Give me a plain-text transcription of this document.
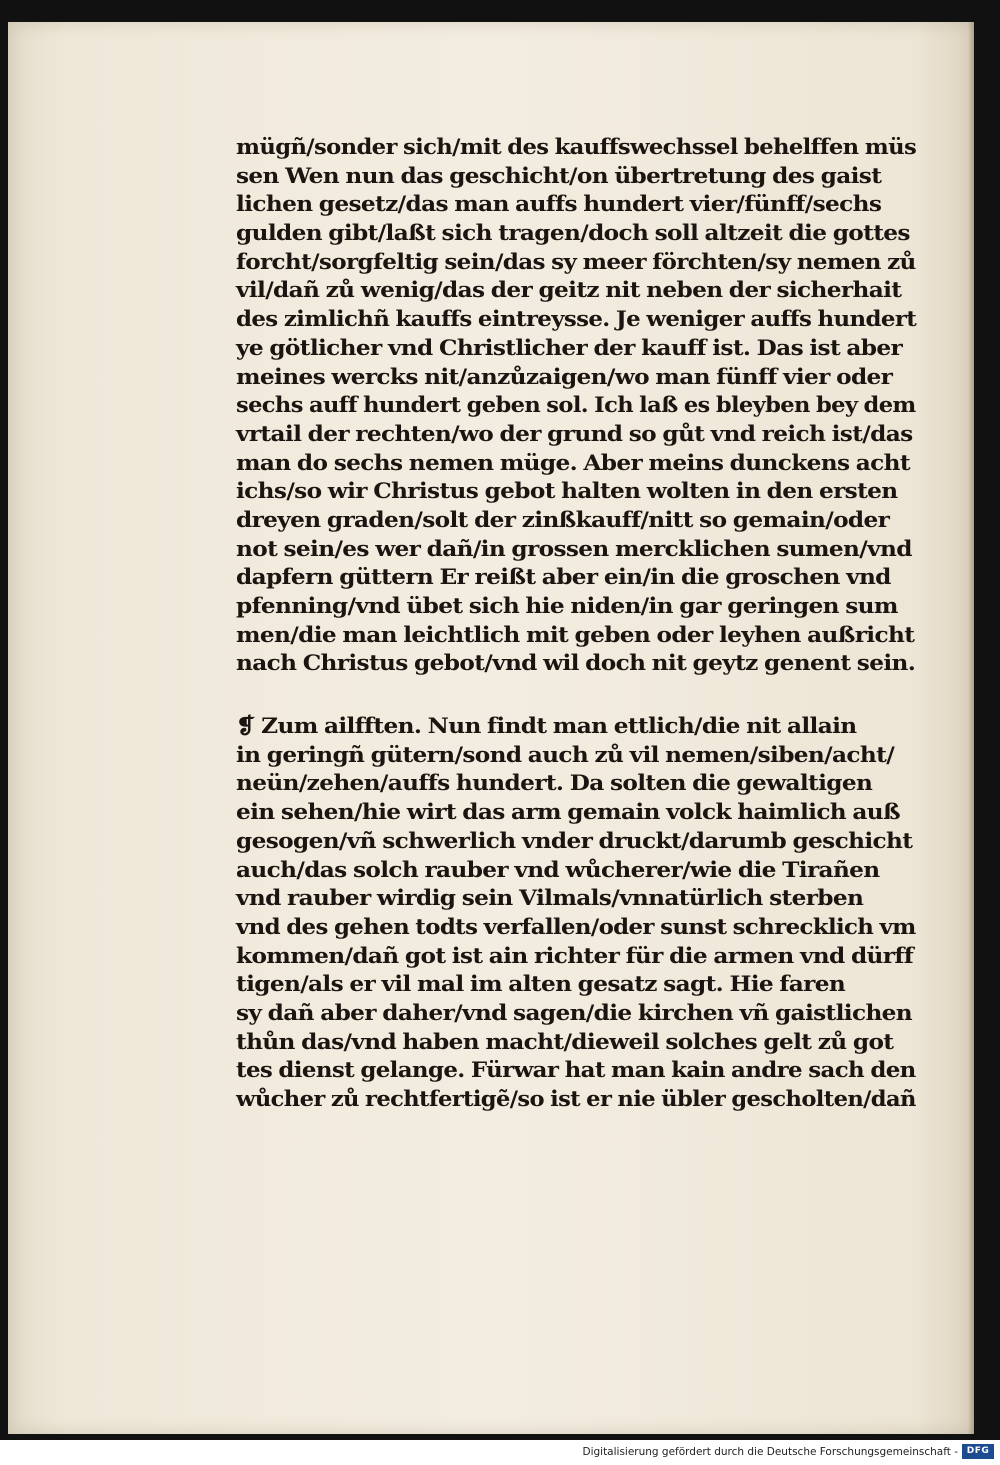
mügñ/sonder sich/mit des kauffswechssel behelffen müs
sen Wen nun das geschicht/on übertretung des gaist
lichen gesetz/das man auffs hundert vier/fünff/sechs
gulden gibt/laßt sich tragen/doch soll altzeit die gottes
forcht/sorgfeltig sein/das sy meer förchten/sy nemen zů
vil/dañ zů wenig/das der geitz nit neben der sicherhait
des zimlichñ kauffs eintreysse. Je weniger auffs hundert
ye götlicher vnd Christlicher der kauff ist. Das ist aber
meines wercks nit/anzůzaigen/wo man fünff vier oder
sechs auff hundert geben sol. Ich laß es bleyben bey dem
vrtail der rechten/wo der grund so gůt vnd reich ist/das
man do sechs nemen müge. Aber meins dunckens acht
ichs/so wir Christus gebot halten wolten in den ersten
dreyen graden/solt der zinßkauff/nitt so gemain/oder
not sein/es wer dañ/in grossen mercklichen sumen/vnd
dapfern güttern Er reißt aber ein/in die groschen vnd
pfenning/vnd übet sich hie niden/in gar geringen sum
men/die man leichtlich mit geben oder leyhen außricht
nach Christus gebot/vnd wil doch nit geytz genent sein.
❡ Zum ailfften. Nun findt man ettlich/die nit allain
in geringñ gütern/sond auch zů vil nemen/siben/acht/
neün/zehen/auffs hundert. Da solten die gewaltigen
ein sehen/hie wirt das arm gemain volck haimlich auß
gesogen/vñ schwerlich vnder druckt/darumb geschicht
auch/das solch rauber vnd wůcherer/wie die Tirañen
vnd rauber wirdig sein Vilmals/vnnatürlich sterben
vnd des gehen todts verfallen/oder sunst schrecklich vm
kommen/dañ got ist ain richter für die armen vnd dürff
tigen/als er vil mal im alten gesatz sagt. Hie faren
sy dañ aber daher/vnd sagen/die kirchen vñ gaistlichen
thůn das/vnd haben macht/dieweil solches gelt zů got
tes dienst gelange. Fürwar hat man kain andre sach den
wůcher zů rechtfertigẽ/so ist er nie übler gescholten/dañ
Digitalisierung gefördert durch die Deutsche Forschungsgemeinschaft - DFG
